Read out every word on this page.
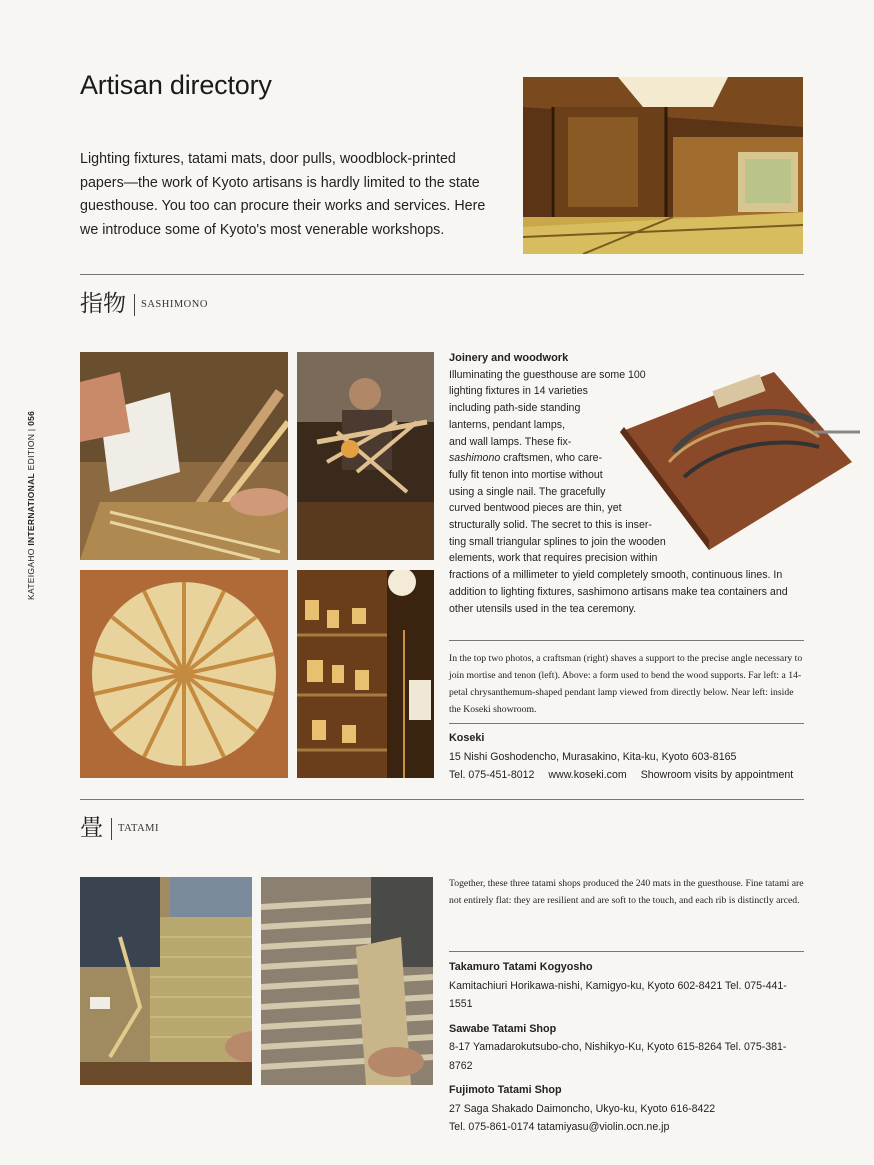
KATEIGAHO INTERNATIONAL EDITION | 056
Artisan directory

Lighting fixtures, tatami mats, door pulls, woodblock-printed papers—the work of Kyoto artisans is hardly limited to the state guesthouse. You too can procure their works and services. Here we introduce some of Kyoto's most venerable workshops.

指物 SASHIMONO

Joinery and woodwork

Illuminating the guesthouse are some 100

lighting fixtures in 14 varieties

including path-side standing

lanterns, pendant lamps,

and wall lamps. These fix-

sashimono craftsmen, who care-

fully fit tenon into mortise without

using a single nail. The gracefully

curved bentwood pieces are thin, yet

structurally solid. The secret to this is inser-

ting small triangular splines to join the wooden

elements, work that requires precision within

fractions of a millimeter to yield completely smooth, continuous lines. In addition to lighting fixtures, sashimono artisans make tea containers and other utensils used in the tea ceremony.

In the top two photos, a craftsman (right) shaves a support to the precise angle necessary to join mortise and tenon (left). Above: a form used to bend the wood supports. Far left: a 14-petal chrysanthemum-shaped pendant lamp viewed from directly below. Near left: inside the Koseki showroom.

Koseki
15 Nishi Goshodencho, Murasakino, Kita-ku, Kyoto 603-8165
Tel. 075-451-8012 www.koseki.com Showroom visits by appointment
畳 TATAMI

Together, these three tatami shops produced the 240 mats in the guesthouse. Fine tatami are not entirely flat: they are resilient and are soft to the touch, and each rib is distinctly arced.

Takamuro Tatami Kogyosho
Kamitachiuri Horikawa-nishi, Kamigyo-ku, Kyoto 602-8421 Tel. 075-441-1551
Sawabe Tatami Shop
8-17 Yamadarokutsubo-cho, Nishikyo-Ku, Kyoto 615-8264 Tel. 075-381-
8762
Fujimoto Tatami Shop
27 Saga Shakado Daimoncho, Ukyo-ku, Kyoto 616-8422
Tel. 075-861-0174 tatamiyasu@violin.ocn.ne.jp
